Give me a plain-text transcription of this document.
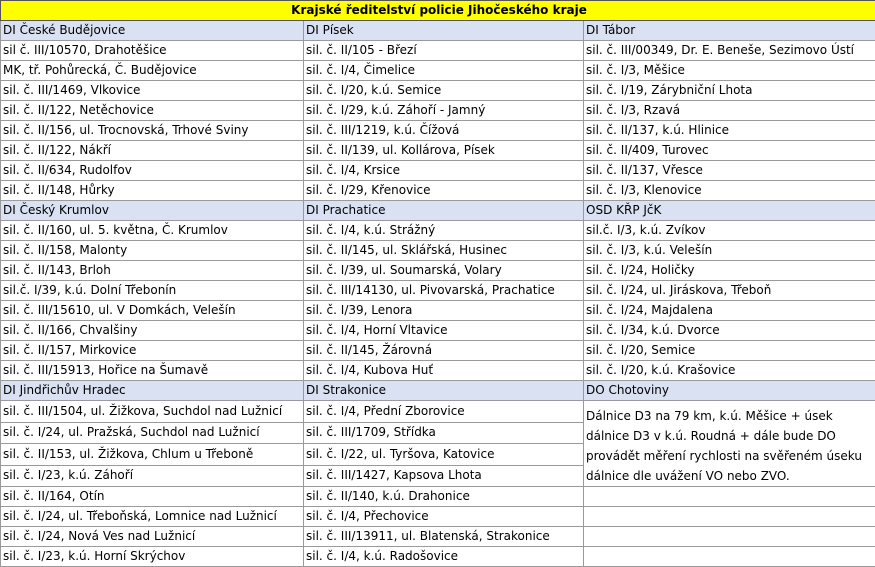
Krajské ředitelství policie Jihočeského kraje		
DI České Budějovice	DI Písek	DI Tábor
sil č. III/10570, Drahotěšice	sil. č. II/105 - Březí	sil. č. III/00349, Dr. E. Beneše, Sezimovo Ústí
MK, tř. Pohůrecká, Č. Budějovice	sil. č. I/4, Čimelice	sil. č. I/3, Měšice
sil. č. III/1469, Vlkovice	sil. č. I/20, k.ú. Semice	sil. č. I/19, Zárybniční Lhota
sil. č. II/122, Netěchovice	sil. č. I/29, k.ú. Záhoří - Jamný	sil. č. I/3, Rzavá
sil. č. II/156, ul. Trocnovská, Trhové Sviny	sil. č. III/1219, k.ú. Čížová	sil. č. II/137, k.ú. Hlinice
sil. č. II/122, Nákří	sil. č. II/139, ul. Kollárova, Písek	sil. č. II/409, Turovec
sil. č. II/634, Rudolfov	sil. č. I/4, Krsice	sil. č. II/137, Vřesce
sil. č. II/148, Hůrky	sil. č. I/29, Křenovice	sil. č. I/3, Klenovice
DI Český Krumlov	DI Prachatice	OSD KŘP JčK
sil. č. II/160, ul. 5. května, Č. Krumlov	sil. č. I/4, k.ú. Strážný	sil.č. I/3, k.ú. Zvíkov
sil. č. II/158, Malonty	sil. č. II/145, ul. Sklářská, Husinec	sil. č. I/3, k.ú. Velešín
sil. č. II/143, Brloh	sil. č. I/39, ul. Soumarská, Volary	sil. č. I/24, Holičky
sil.č. I/39, k.ú. Dolní Třebonín	sil. č. III/14130, ul. Pivovarská, Prachatice	sil. č. I/24, ul. Jiráskova, Třeboň
sil. č. III/15610, ul. V Domkách, Velešín	sil. č. I/39, Lenora	sil. č. I/24, Majdalena
sil. č. II/166, Chvalšiny	sil. č. I/4, Horní Vltavice	sil. č. I/34, k.ú. Dvorce
sil. č. II/157, Mirkovice	sil. č. II/145, Žárovná	sil. č. I/20, Semice
sil. č. III/15913, Hořice na Šumavě	sil. č. I/4, Kubova Huť	sil. č. I/20, k.ú. Krašovice
DI Jindřichův Hradec	DI Strakonice	DO Chotoviny
sil. č. III/1504, ul. Žižkova, Suchdol nad Lužnicí	sil. č. I/4, Přední Zborovice	Dálnice D3 na 79 km, k.ú. Měšice + úsek dálnice D3 v k.ú. Roudná + dále bude DO provádět měření rychlosti na svěřeném úseku dálnice dle uvážení VO nebo ZVO.
sil. č. I/24, ul. Pražská, Suchdol nad Lužnicí	sil. č. III/1709, Střídka	
sil. č. II/153, ul. Žižkova, Chlum u Třeboně	sil. č. I/22, ul. Tyršova, Katovice	
sil. č. I/23, k.ú. Záhoří	sil. č. III/1427, Kapsova Lhota	
sil. č. II/164, Otín	sil. č. II/140, k.ú. Drahonice	
sil. č. I/24, ul. Třeboňská, Lomnice nad Lužnicí	sil. č. I/4, Přechovice	
sil. č. I/24, Nová Ves nad Lužnicí	sil. č. III/13911, ul. Blatenská, Strakonice	
sil. č. I/23, k.ú. Horní Skrýchov	sil. č. I/4, k.ú. Radošovice	
